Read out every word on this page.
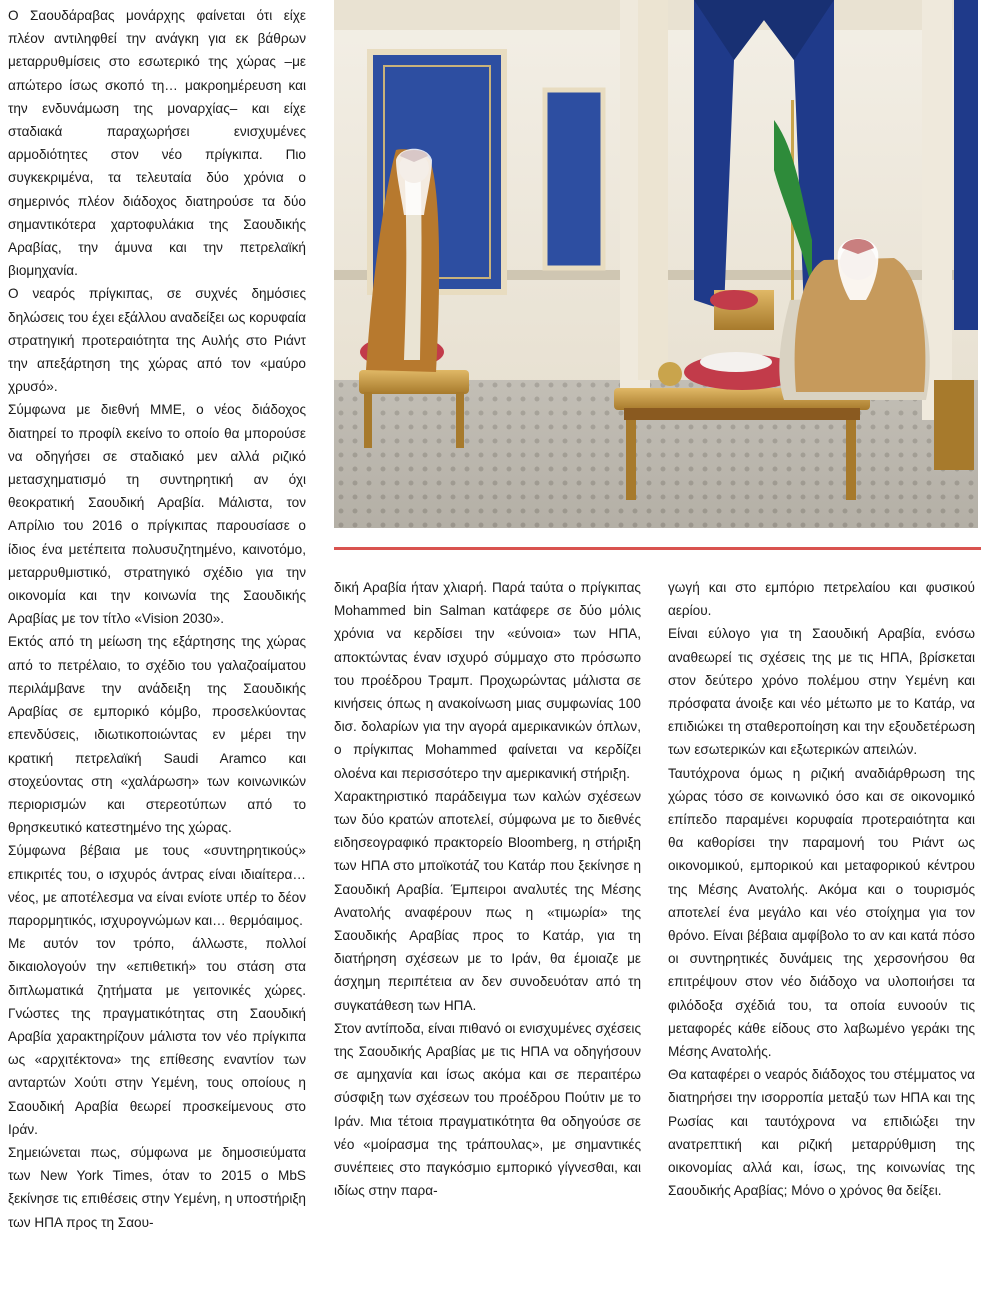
Ο Σαουδάραβας μονάρχης φαίνεται ότι είχε πλέον αντιληφθεί την ανάγκη για εκ βάθρων μεταρρυθμίσεις στο εσωτερικό της χώρας –με απώτερο ίσως σκοπό τη… μακροημέρευση και την ενδυνάμωση της μοναρχίας– και είχε σταδιακά παραχωρήσει ενισχυμένες αρμοδιότητες στον νέο πρίγκιπα. Πιο συγκεκριμένα, τα τελευταία δύο χρόνια ο σημερινός πλέον διάδοχος διατηρούσε τα δύο σημαντικότερα χαρτοφυλάκια της Σαουδικής Αραβίας, την άμυνα και την πετρελαϊκή βιομηχανία.

Ο νεαρός πρίγκιπας, σε συχνές δημόσιες δηλώσεις του έχει εξάλλου αναδείξει ως κορυφαία στρατηγική προτεραιότητα της Αυλής στο Ριάντ την απεξάρτηση της χώρας από τον «μαύρο χρυσό».

Σύμφωνα με διεθνή ΜΜΕ, ο νέος διάδοχος διατηρεί το προφίλ εκείνο το οποίο θα μπορούσε να οδηγήσει σε σταδιακό μεν αλλά ριζικό μετασχηματισμό τη συντηρητική αν όχι θεοκρατική Σαουδική Αραβία. Μάλιστα, τον Απρίλιο του 2016 ο πρίγκιπας παρουσίασε ο ίδιος ένα μετέπειτα πολυσυζητημένο, καινοτόμο, μεταρρυθμιστικό, στρατηγικό σχέδιο για την οικονομία και την κοινωνία της Σαουδικής Αραβίας με τον τίτλο «Vision 2030».

Εκτός από τη μείωση της εξάρτησης της χώρας από το πετρέλαιο, το σχέδιο του γαλαζοαίματου περιλάμβανε την ανάδειξη της Σαουδικής Αραβίας σε εμπορικό κόμβο, προσελκύοντας επενδύσεις, ιδιωτικοποιώντας εν μέρει την κρατική πετρελαϊκή Saudi Aramco και στοχεύοντας στη «χαλάρωση» των κοινωνικών περιορισμών και στερεοτύπων από το θρησκευτικό κατεστημένο της χώρας.

Σύμφωνα βέβαια με τους «συντηρητικούς» επικριτές του, ο ισχυρός άντρας είναι ιδιαίτερα… νέος, με αποτέλεσμα να είναι ενίοτε υπέρ το δέον παρορμητικός, ισχυρογνώμων και… θερμόαιμος.

Με αυτόν τον τρόπο, άλλωστε, πολλοί δικαιολογούν την «επιθετική» του στάση στα διπλωματικά ζητήματα με γειτονικές χώρες. Γνώστες της πραγματικότητας στη Σαουδική Αραβία χαρακτηρίζουν μάλιστα τον νέο πρίγκιπα ως «αρχιτέκτονα» της επίθεσης εναντίον των ανταρτών Χούτι στην Υεμένη, τους οποίους η Σαουδική Αραβία θεωρεί προσκείμενους στο Ιράν.

Σημειώνεται πως, σύμφωνα με δημοσιεύματα των New York Times, όταν το 2015 ο MbS ξεκίνησε τις επιθέσεις στην Υεμένη, η υποστήριξη των ΗΠΑ προς τη Σαου-

δική Αραβία ήταν χλιαρή. Παρά ταύτα ο πρίγκιπας Mohammed bin Salman κατάφερε σε δύο μόλις χρόνια να κερδίσει την «εύνοια» των ΗΠΑ, αποκτώντας έναν ισχυρό σύμμαχο στο πρόσωπο του προέδρου Τραμπ. Προχωρώντας μάλιστα σε κινήσεις όπως η ανακοίνωση μιας συμφωνίας 100 δισ. δολαρίων για την αγορά αμερικανικών όπλων, ο πρίγκιπας Mohammed φαίνεται να κερδίζει ολοένα και περισσότερο την αμερικανική στήριξη.

Χαρακτηριστικό παράδειγμα των καλών σχέσεων των δύο κρατών αποτελεί, σύμφωνα με το διεθνές ειδησεογραφικό πρακτορείο Bloomberg, η στήριξη των ΗΠΑ στο μποϊκοτάζ του Κατάρ που ξεκίνησε η Σαουδική Αραβία. Έμπειροι αναλυτές της Μέσης Ανατολής αναφέρουν πως η «τιμωρία» της Σαουδικής Αραβίας προς το Κατάρ, για τη διατήρηση σχέσεων με το Ιράν, θα έμοιαζε με άσχημη περιπέτεια αν δεν συνοδευόταν από τη συγκατάθεση των ΗΠΑ.

Στον αντίποδα, είναι πιθανό οι ενισχυμένες σχέσεις της Σαουδικής Αραβίας με τις ΗΠΑ να οδηγήσουν σε αμηχανία και ίσως ακόμα και σε περαιτέρω σύσφιξη των σχέσεων του προέδρου Πούτιν με το Ιράν. Μια τέτοια πραγματικότητα θα οδηγούσε σε νέο «μοίρασμα της τράπουλας», με σημαντικές συνέπειες στο παγκόσμιο εμπορικό γίγνεσθαι, και ιδίως στην παρα-

γωγή και στο εμπόριο πετρελαίου και φυσικού αερίου.

Είναι εύλογο για τη Σαουδική Αραβία, ενόσω αναθεωρεί τις σχέσεις της με τις ΗΠΑ, βρίσκεται στον δεύτερο χρόνο πολέμου στην Υεμένη και πρόσφατα άνοιξε και νέο μέτωπο με το Κατάρ, να επιδιώκει τη σταθεροποίηση και την εξουδετέρωση των εσωτερικών και εξωτερικών απειλών.

Ταυτόχρονα όμως η ριζική αναδιάρθρωση της χώρας τόσο σε κοινωνικό όσο και σε οικονομικό επίπεδο παραμένει κορυφαία προτεραιότητα και θα καθορίσει την παραμονή του Ριάντ ως οικονομικού, εμπορικού και μεταφορικού κέντρου της Μέσης Ανατολής. Ακόμα και ο τουρισμός αποτελεί ένα μεγάλο και νέο στοίχημα για τον θρόνο. Είναι βέβαια αμφίβολο το αν και κατά πόσο οι συντηρητικές δυνάμεις της χερσονήσου θα επιτρέψουν στον νέο διάδοχο να υλοποιήσει τα φιλόδοξα σχέδιά του, τα οποία ευνοούν τις μεταφορές κάθε είδους στο λαβωμένο γεράκι της Μέσης Ανατολής.

Θα καταφέρει ο νεαρός διάδοχος του στέμματος να διατηρήσει την ισορροπία μεταξύ των ΗΠΑ και της Ρωσίας και ταυτόχρονα να επιδιώξει την ανατρεπτική και ριζική μεταρρύθμιση της οικονομίας αλλά και, ίσως, της κοινωνίας της Σαουδικής Αραβίας; Μόνο ο χρόνος θα δείξει.
